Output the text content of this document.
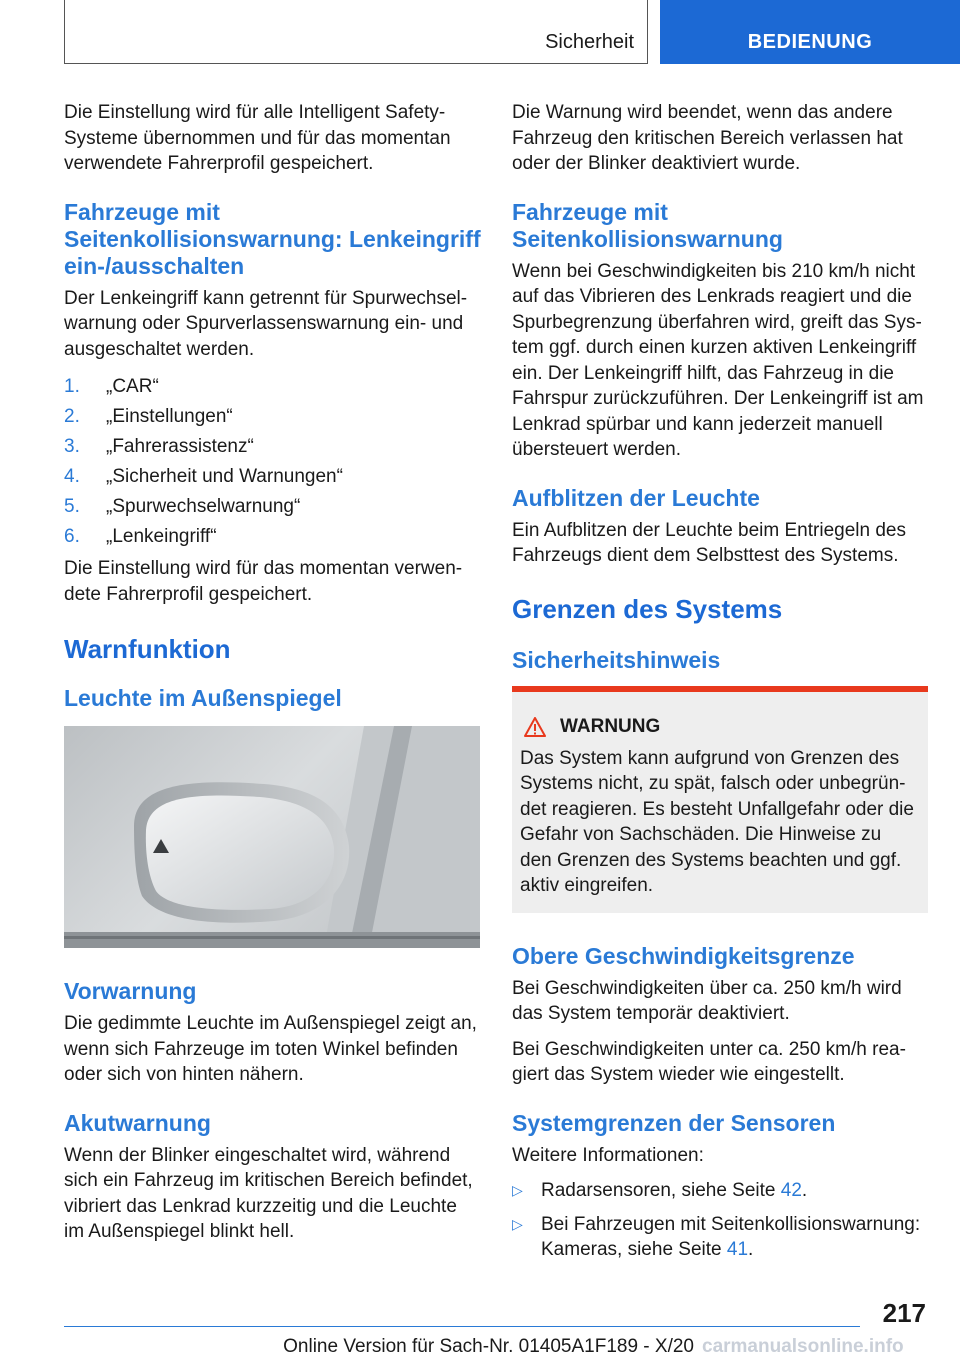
Sicherheit	BEDIENUNG

Die Einstellung wird für alle Intelligent Safety-Systeme übernommen und für das momentan verwendete Fahrerprofil gespeichert.

Fahrzeuge mit Seitenkollisionswarnung: Lenkeingriff ein-/ausschalten

Der Lenkeingriff kann getrennt für Spurwechselwarnung oder Spurverlassenswarnung ein- und ausgeschaltet werden.

1. „CAR“
2. „Einstellungen“
3. „Fahrerassistenz“
4. „Sicherheit und Warnungen“
5. „Spurwechselwarnung“
6. „Lenkeingriff“

Die Einstellung wird für das momentan verwendete Fahrerprofil gespeichert.

Warnfunktion
Leuchte im Außenspiegel
Vorwarnung

Die gedimmte Leuchte im Außenspiegel zeigt an, wenn sich Fahrzeuge im toten Winkel befinden oder sich von hinten nähern.

Akutwarnung

Wenn der Blinker eingeschaltet wird, während sich ein Fahrzeug im kritischen Bereich befindet, vibriert das Lenkrad kurzzeitig und die Leuchte im Außenspiegel blinkt hell.

Die Warnung wird beendet, wenn das andere Fahrzeug den kritischen Bereich verlassen hat oder der Blinker deaktiviert wurde.

Fahrzeuge mit Seitenkollisionswarnung

Wenn bei Geschwindigkeiten bis 210 km/h nicht auf das Vibrieren des Lenkrads reagiert und die Spurbegrenzung überfahren wird, greift das System ggf. durch einen kurzen aktiven Lenkeingriff ein. Der Lenkeingriff hilft, das Fahrzeug in die Fahrspur zurückzuführen. Der Lenkeingriff ist am Lenkrad spürbar und kann jederzeit manuell übersteuert werden.

Aufblitzen der Leuchte

Ein Aufblitzen der Leuchte beim Entriegeln des Fahrzeugs dient dem Selbsttest des Systems.

Grenzen des Systems
Sicherheitshinweis
WARNUNG

Das System kann aufgrund von Grenzen des Systems nicht, zu spät, falsch oder unbegründet reagieren. Es besteht Unfallgefahr oder die Gefahr von Sachschäden. Die Hinweise zu den Grenzen des Systems beachten und ggf. aktiv eingreifen.

Obere Geschwindigkeitsgrenze

Bei Geschwindigkeiten über ca. 250 km/h wird das System temporär deaktiviert.

Bei Geschwindigkeiten unter ca. 250 km/h reagiert das System wieder wie eingestellt.

Systemgrenzen der Sensoren

Weitere Informationen:

▷ Radarsensoren, siehe Seite 42.
▷ Bei Fahrzeugen mit Seitenkollisionswarnung: Kameras, siehe Seite 41.
217
Online Version für Sach-Nr. 01405A1F189 - X/20 carmanualsonline.info
